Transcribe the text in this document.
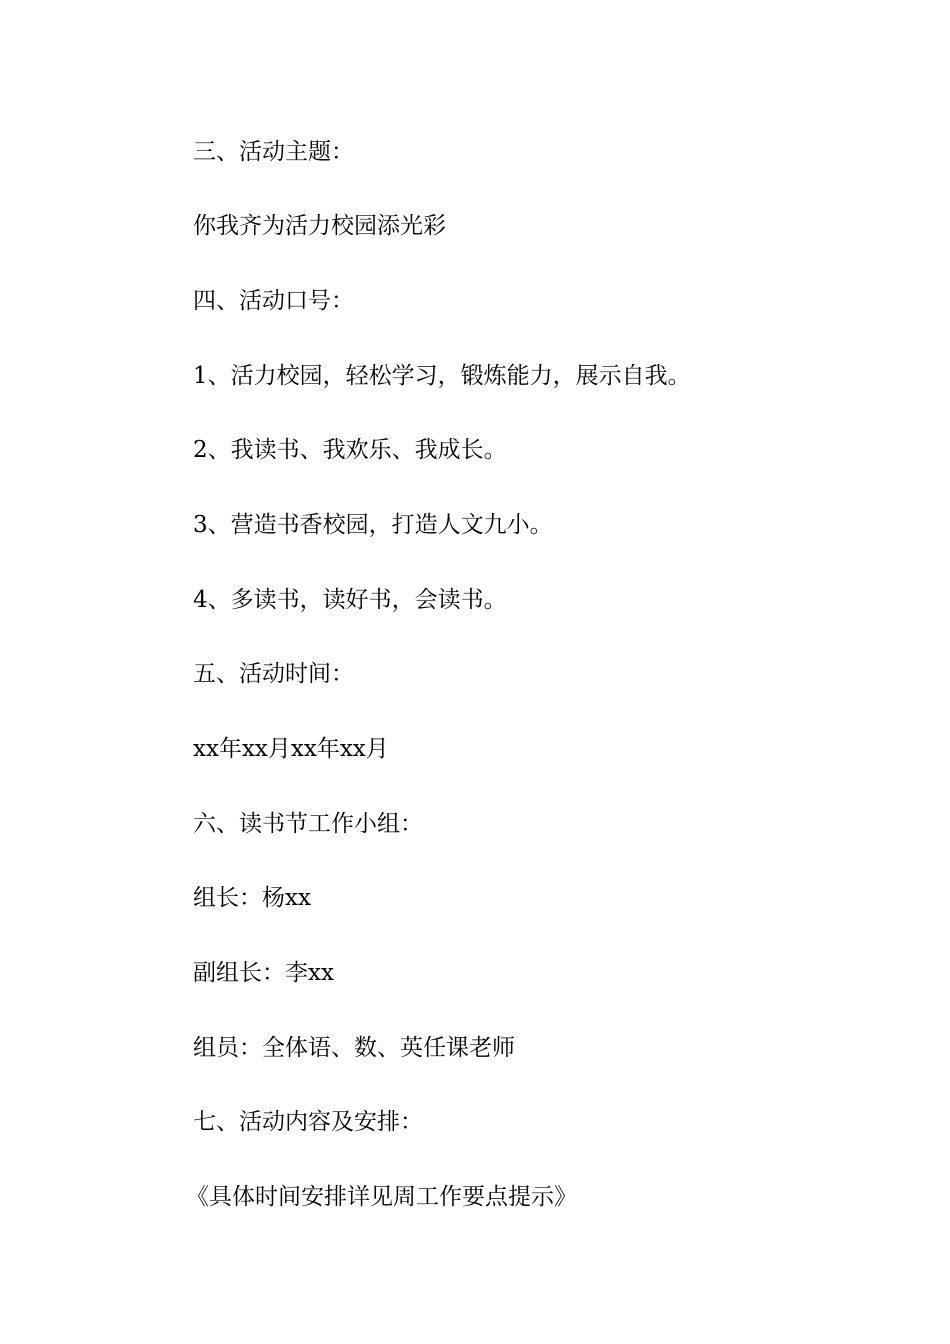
三、活动主题：
你我齐为活力校园添光彩
四、活动口号：
1、活力校园，轻松学习，锻炼能力，展示自我。
2、我读书、我欢乐、我成长。
3、营造书香校园，打造人文九小。
4、多读书，读好书，会读书。
五、活动时间：
xx年xx月xx年xx月
六、读书节工作小组：
组长：杨xx
副组长：李xx
组员：全体语、数、英任课老师
七、活动内容及安排：
《具体时间安排详见周工作要点提示》
